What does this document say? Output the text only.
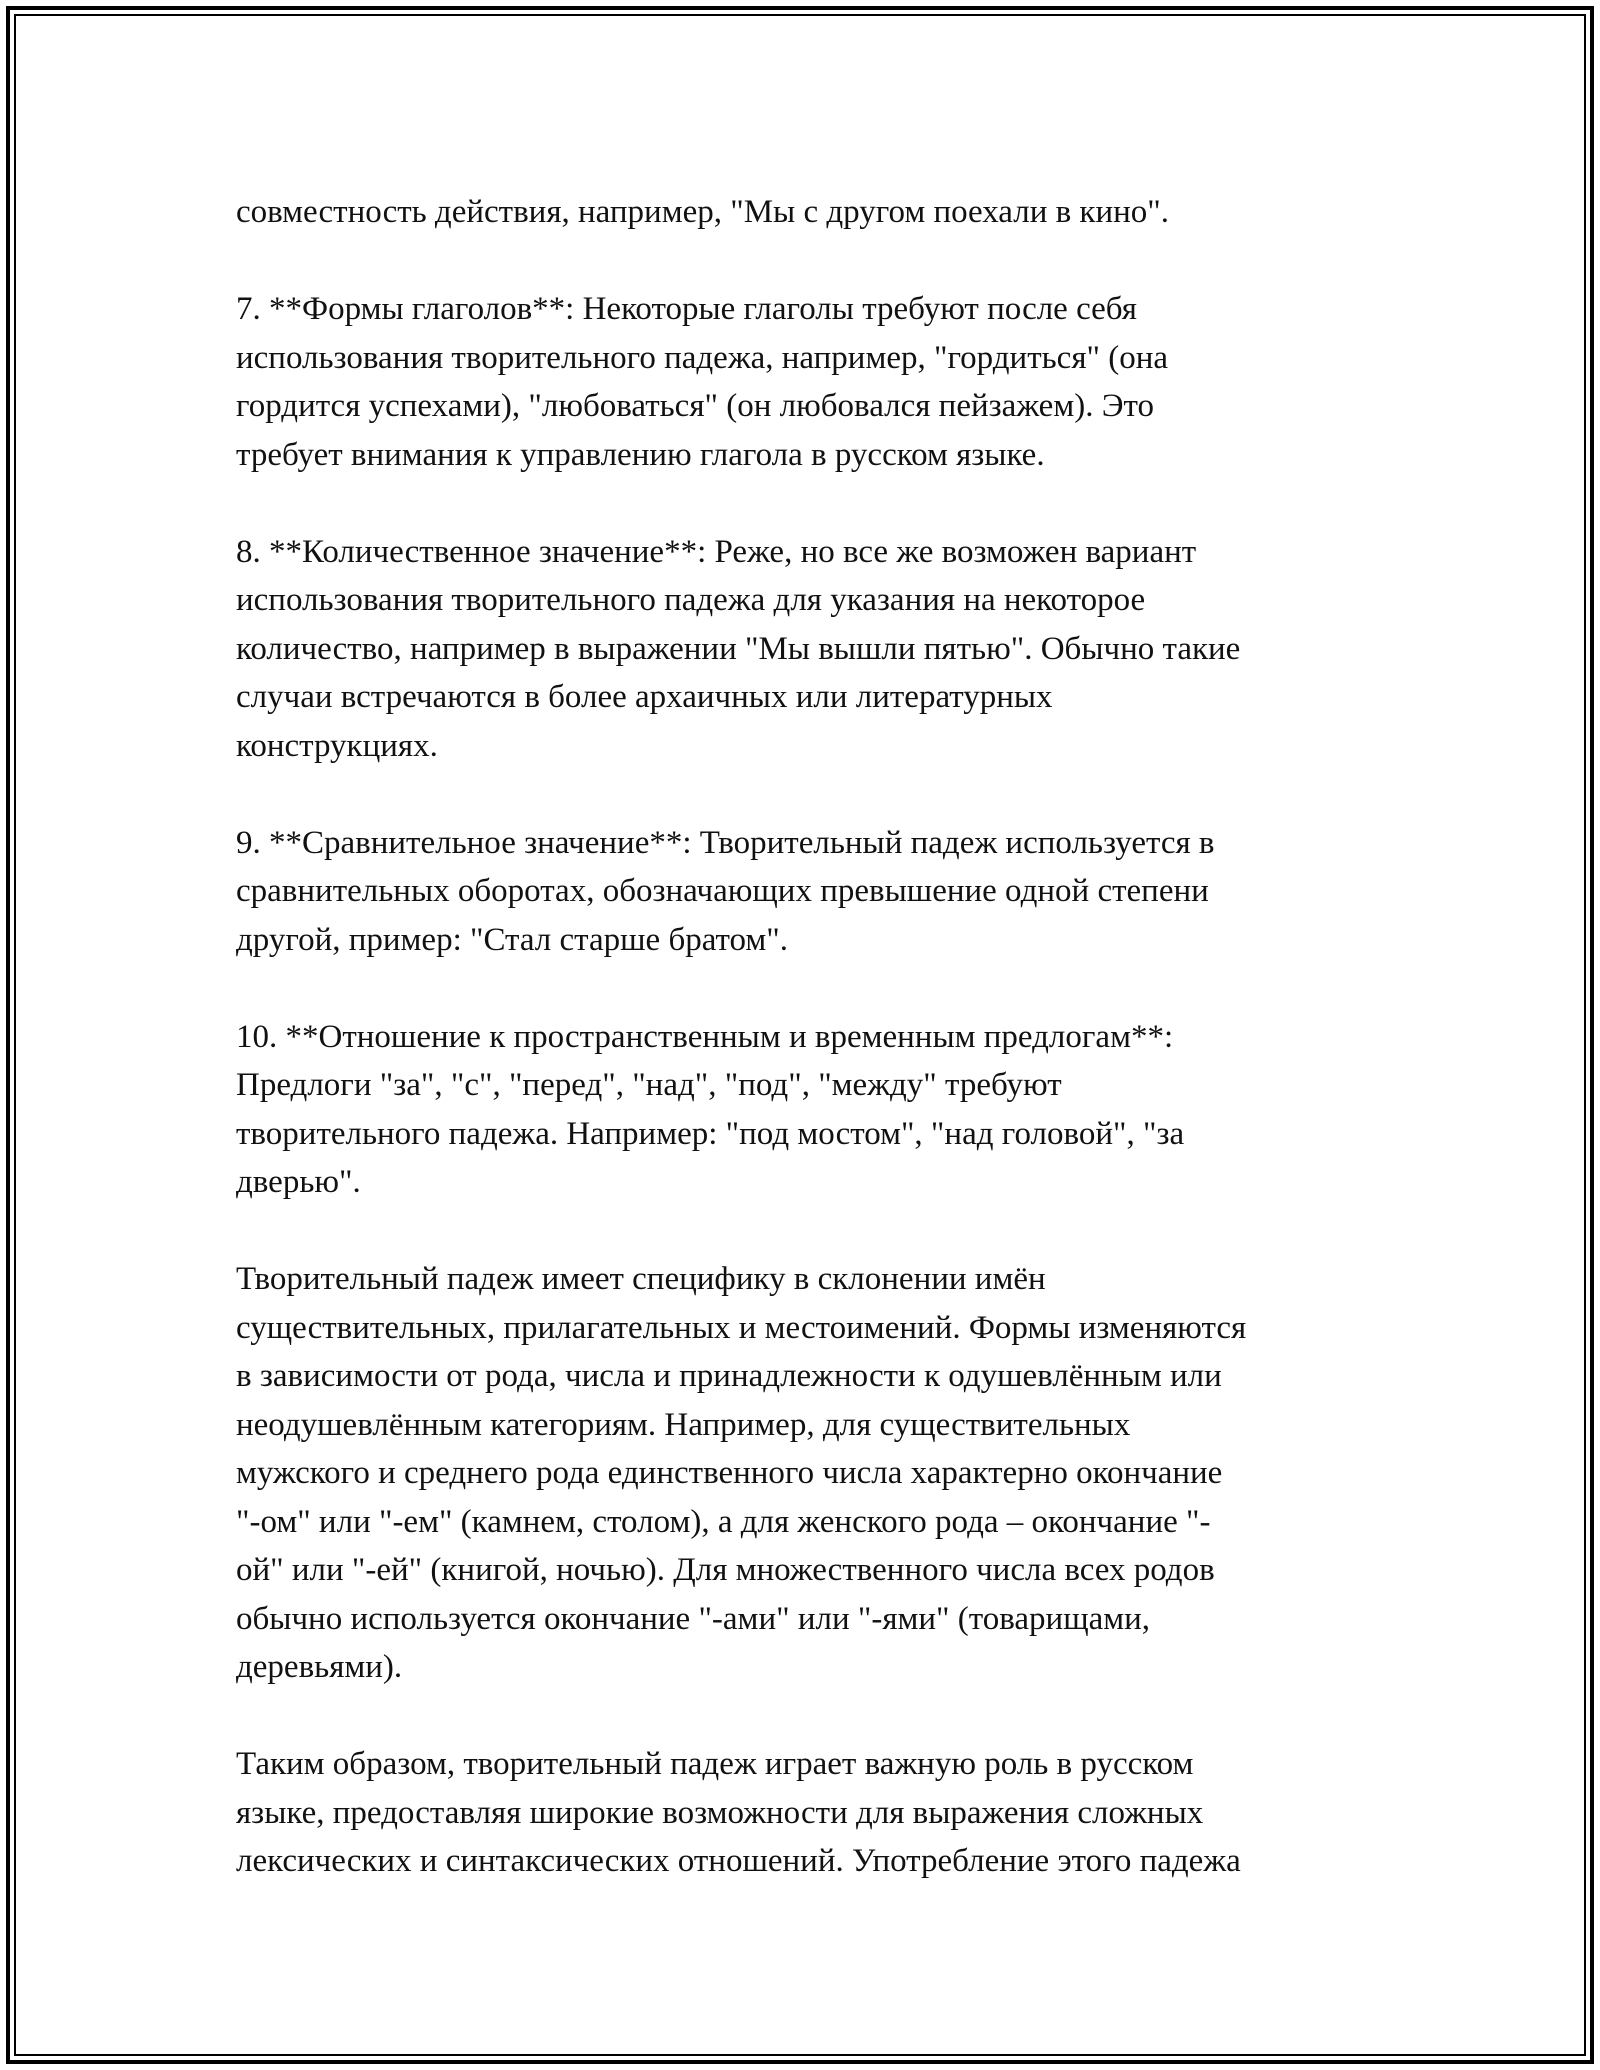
совместность действия, например, "Мы с другом поехали в кино".

7. **Формы глаголов**: Некоторые глаголы требуют после себя
использования творительного падежа, например, "гордиться" (она
гордится успехами), "любоваться" (он любовался пейзажем). Это
требует внимания к управлению глагола в русском языке.

8. **Количественное значение**: Реже, но все же возможен вариант
использования творительного падежа для указания на некоторое
количество, например в выражении "Мы вышли пятью". Обычно такие
случаи встречаются в более архаичных или литературных
конструкциях.

9. **Сравнительное значение**: Творительный падеж используется в
сравнительных оборотах, обозначающих превышение одной степени
другой, пример: "Стал старше братом".

10. **Отношение к пространственным и временным предлогам**:
Предлоги "за", "с", "перед", "над", "под", "между" требуют
творительного падежа. Например: "под мостом", "над головой", "за
дверью".

Творительный падеж имеет специфику в склонении имён
существительных, прилагательных и местоимений. Формы изменяются
в зависимости от рода, числа и принадлежности к одушевлённым или
неодушевлённым категориям. Например, для существительных
мужского и среднего рода единственного числа характерно окончание
"-ом" или "-ем" (камнем, столом), а для женского рода – окончание "-
ой" или "-ей" (книгой, ночью). Для множественного числа всех родов
обычно используется окончание "-ами" или "-ями" (товарищами,
деревьями).

Таким образом, творительный падеж играет важную роль в русском
языке, предоставляя широкие возможности для выражения сложных
лексических и синтаксических отношений. Употребление этого падежа
